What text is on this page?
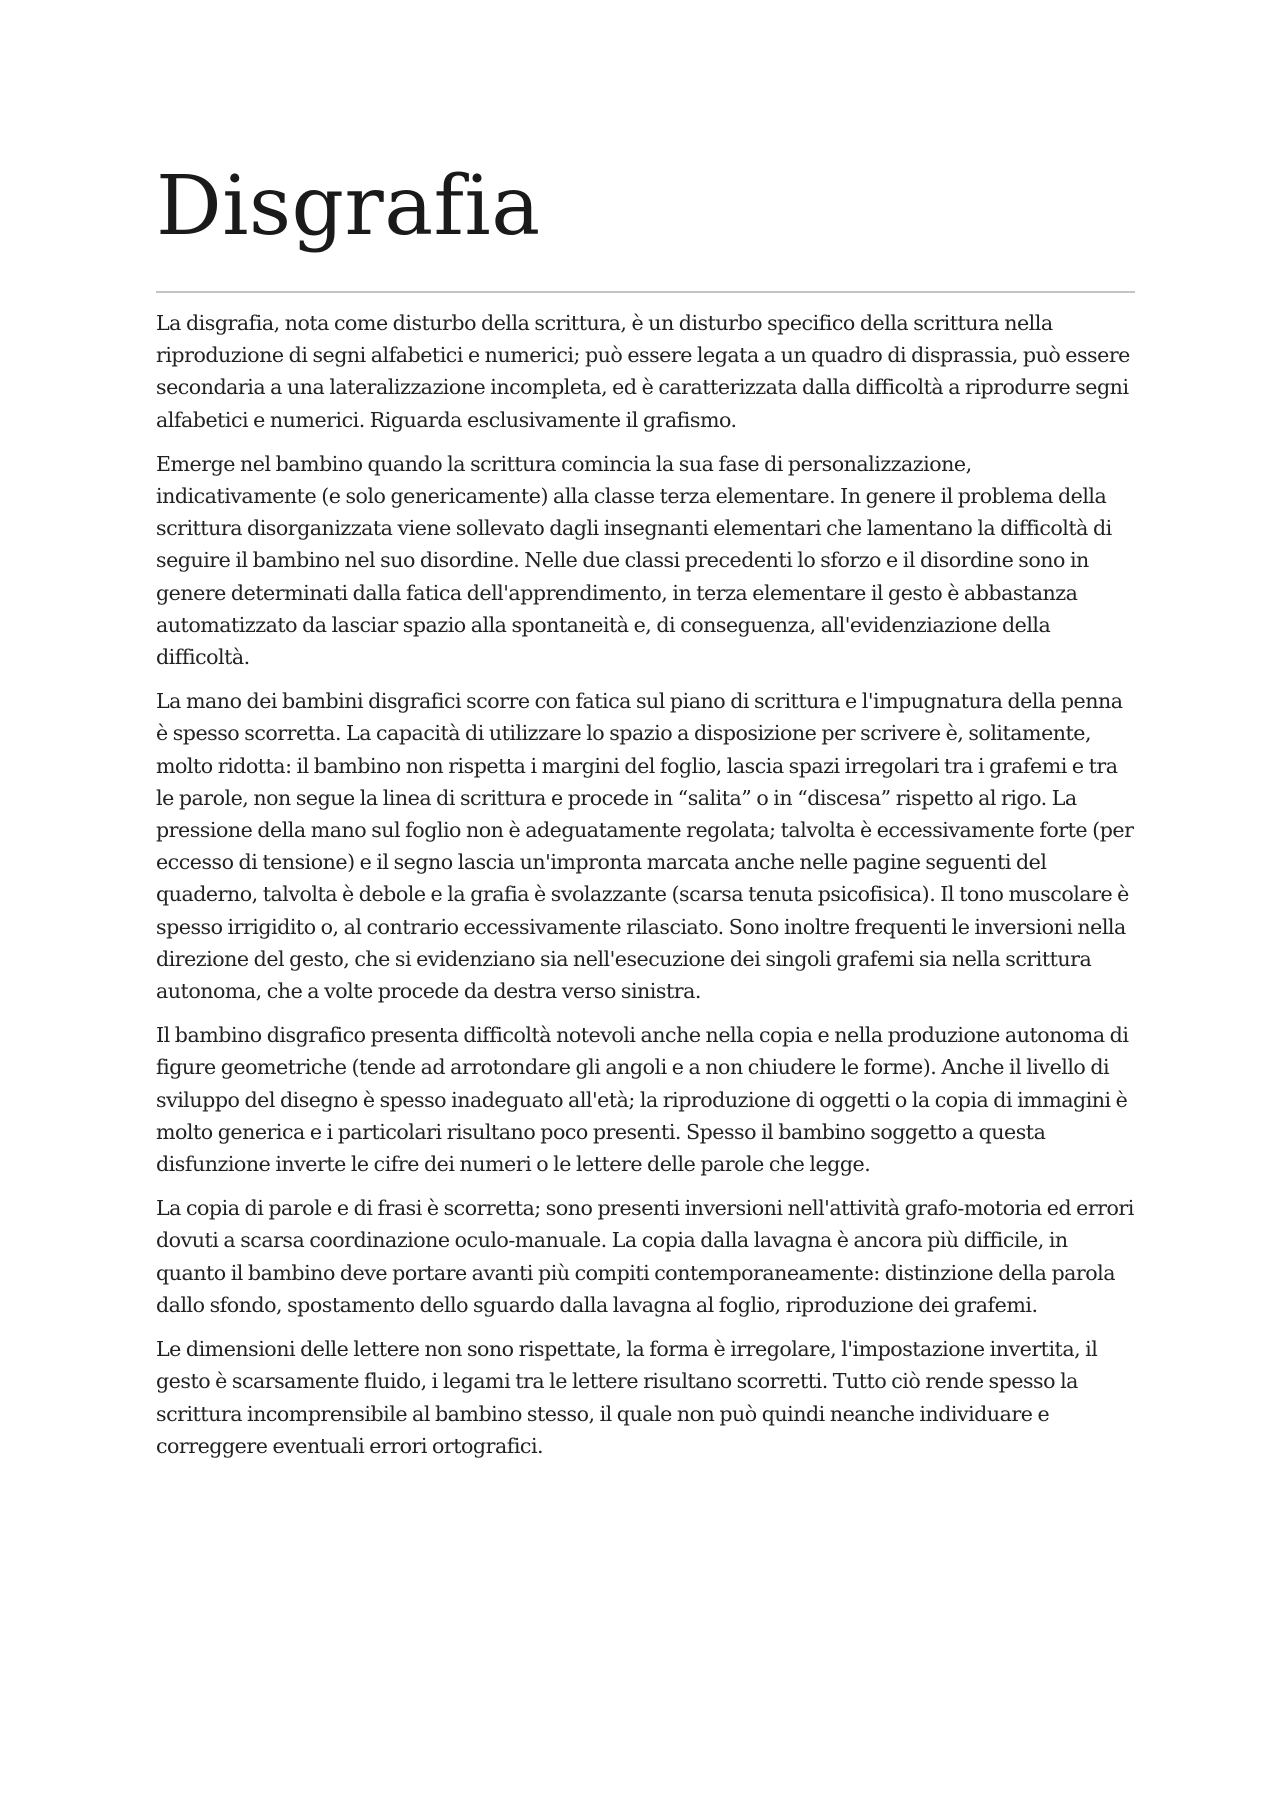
Disgrafia

La disgrafia, nota come disturbo della scrittura, è un disturbo specifico della scrittura nella riproduzione di segni alfabetici e numerici; può essere legata a un quadro di disprassia, può essere secondaria a una lateralizzazione incompleta, ed è caratterizzata dalla difficoltà a riprodurre segni alfabetici e numerici. Riguarda esclusivamente il grafismo.

Emerge nel bambino quando la scrittura comincia la sua fase di personalizzazione, indicativamente (e solo genericamente) alla classe terza elementare. In genere il problema della scrittura disorganizzata viene sollevato dagli insegnanti elementari che lamentano la difficoltà di seguire il bambino nel suo disordine. Nelle due classi precedenti lo sforzo e il disordine sono in genere determinati dalla fatica dell'apprendimento, in terza elementare il gesto è abbastanza automatizzato da lasciar spazio alla spontaneità e, di conseguenza, all'evidenziazione della difficoltà.

La mano dei bambini disgrafici scorre con fatica sul piano di scrittura e l'impugnatura della penna è spesso scorretta. La capacità di utilizzare lo spazio a disposizione per scrivere è, solitamente, molto ridotta: il bambino non rispetta i margini del foglio, lascia spazi irregolari tra i grafemi e tra le parole, non segue la linea di scrittura e procede in “salita” o in “discesa” rispetto al rigo. La pressione della mano sul foglio non è adeguatamente regolata; talvolta è eccessivamente forte (per eccesso di tensione) e il segno lascia un'impronta marcata anche nelle pagine seguenti del quaderno, talvolta è debole e la grafia è svolazzante (scarsa tenuta psicofisica). Il tono muscolare è spesso irrigidito o, al contrario eccessivamente rilasciato. Sono inoltre frequenti le inversioni nella direzione del gesto, che si evidenziano sia nell'esecuzione dei singoli grafemi sia nella scrittura autonoma, che a volte procede da destra verso sinistra.

Il bambino disgrafico presenta difficoltà notevoli anche nella copia e nella produzione autonoma di figure geometriche (tende ad arrotondare gli angoli e a non chiudere le forme). Anche il livello di sviluppo del disegno è spesso inadeguato all'età; la riproduzione di oggetti o la copia di immagini è molto generica e i particolari risultano poco presenti. Spesso il bambino soggetto a questa disfunzione inverte le cifre dei numeri o le lettere delle parole che legge.

La copia di parole e di frasi è scorretta; sono presenti inversioni nell'attività grafo-motoria ed errori dovuti a scarsa coordinazione oculo-manuale. La copia dalla lavagna è ancora più difficile, in quanto il bambino deve portare avanti più compiti contemporaneamente: distinzione della parola dallo sfondo, spostamento dello sguardo dalla lavagna al foglio, riproduzione dei grafemi.

Le dimensioni delle lettere non sono rispettate, la forma è irregolare, l'impostazione invertita, il gesto è scarsamente fluido, i legami tra le lettere risultano scorretti. Tutto ciò rende spesso la scrittura incomprensibile al bambino stesso, il quale non può quindi neanche individuare e correggere eventuali errori ortografici.
